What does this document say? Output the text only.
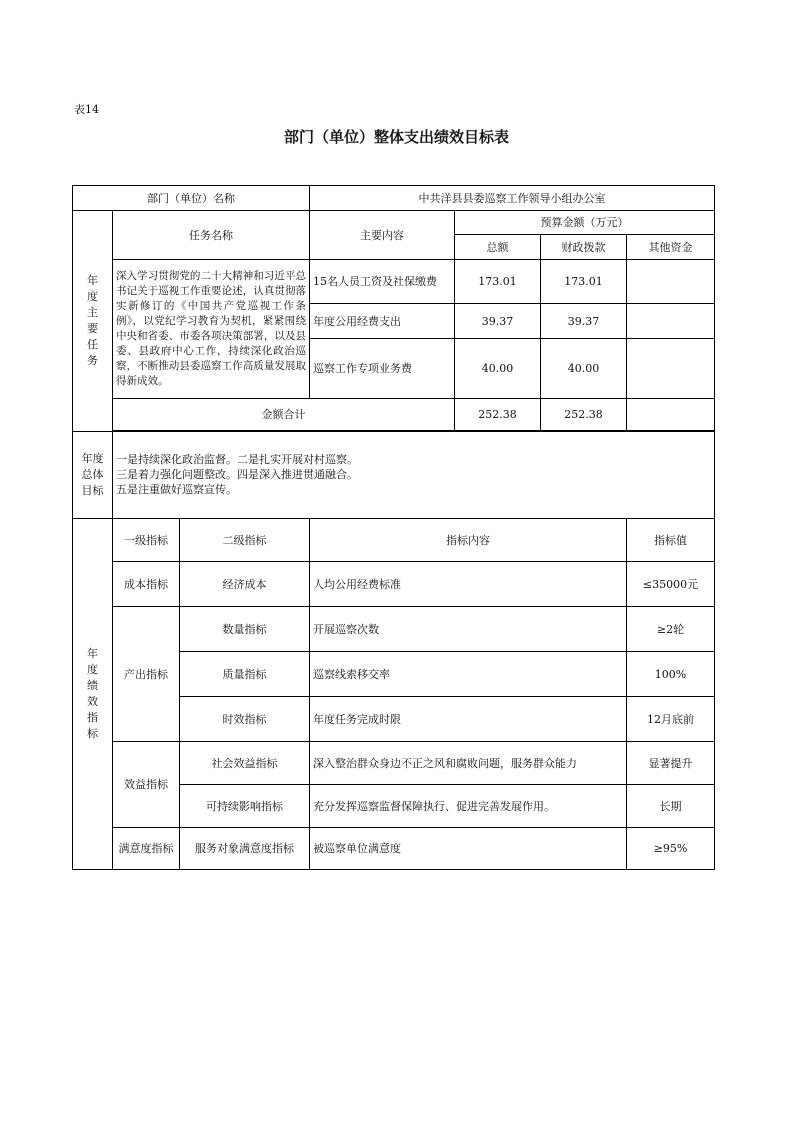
表14
部门（单位）整体支出绩效目标表
部门（单位）名称			中共洋县县委巡察工作领导小组办公室			
年度主要任务	任务名称		主要内容	预算金额（万元）		
				总额	财政拨款	其他资金
	深入学习贯彻党的二十大精神和习近平总书记关于巡视工作重要论述，认真贯彻落实新修订的《中国共产党巡视工作条例》，以党纪学习教育为契机，紧紧围绕中央和省委、市委各项决策部署，以及县委、县政府中心工作，持续深化政治巡察，不断推动县委巡察工作高质量发展取得新成效。		15名人员工资及社保缴费	173.01	173.01	
			年度公用经费支出	39.37	39.37	
			巡察工作专项业务费	40.00	40.00	
	金额合计			252.38	252.38	

年度总体目标	一是持续深化政治监督。二是扎实开展对村巡察。
三是着力强化问题整改。四是深入推进贯通融合。
五是注重做好巡察宣传。					

年度绩效指标	一级指标	二级指标	指标内容			指标值
	成本指标	经济成本	人均公用经费标准			≤35000元
	产出指标	数量指标	开展巡察次数			≥2轮
		质量指标	巡察线索移交率			100%
		时效指标	年度任务完成时限			12月底前
	效益指标	社会效益指标	深入整治群众身边不正之风和腐败问题，服务群众能力			显著提升
		可持续影响指标	充分发挥巡察监督保障执行、促进完善发展作用。			长期
	满意度指标	服务对象满意度指标	被巡察单位满意度			≥95%
